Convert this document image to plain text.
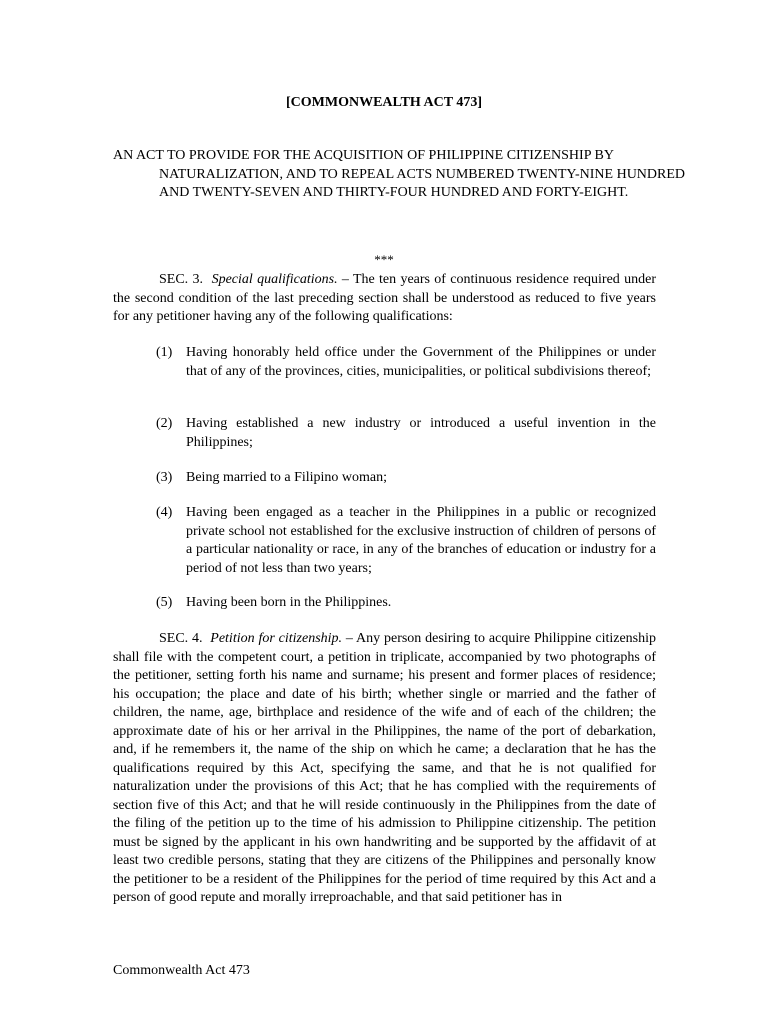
[COMMONWEALTH ACT 473]
AN ACT TO PROVIDE FOR THE ACQUISITION OF PHILIPPINE CITIZENSHIP BY NATURALIZATION, AND TO REPEAL ACTS NUMBERED TWENTY-NINE HUNDRED AND TWENTY-SEVEN AND THIRTY-FOUR HUNDRED AND FORTY-EIGHT.
***

SEC. 3. Special qualifications. – The ten years of continuous residence required under the second condition of the last preceding section shall be understood as reduced to five years for any petitioner having any of the following qualifications:

(1) Having honorably held office under the Government of the Philippines or under that of any of the provinces, cities, municipalities, or political subdivisions thereof;
(2) Having established a new industry or introduced a useful invention in the Philippines;
(3) Being married to a Filipino woman;
(4) Having been engaged as a teacher in the Philippines in a public or recognized private school not established for the exclusive instruction of children of persons of a particular nationality or race, in any of the branches of education or industry for a period of not less than two years;
(5) Having been born in the Philippines.

SEC. 4. Petition for citizenship. – Any person desiring to acquire Philippine citizenship shall file with the competent court, a petition in triplicate, accompanied by two photographs of the petitioner, setting forth his name and surname; his present and former places of residence; his occupation; the place and date of his birth; whether single or married and the father of children, the name, age, birthplace and residence of the wife and of each of the children; the approximate date of his or her arrival in the Philippines, the name of the port of debarkation, and, if he remembers it, the name of the ship on which he came; a declaration that he has the qualifications required by this Act, specifying the same, and that he is not qualified for naturalization under the provisions of this Act; that he has complied with the requirements of section five of this Act; and that he will reside continuously in the Philippines from the date of the filing of the petition up to the time of his admission to Philippine citizenship. The petition must be signed by the applicant in his own handwriting and be supported by the affidavit of at least two credible persons, stating that they are citizens of the Philippines and personally know the petitioner to be a resident of the Philippines for the period of time required by this Act and a person of good repute and morally irreproachable, and that said petitioner has in

Commonwealth Act 473
